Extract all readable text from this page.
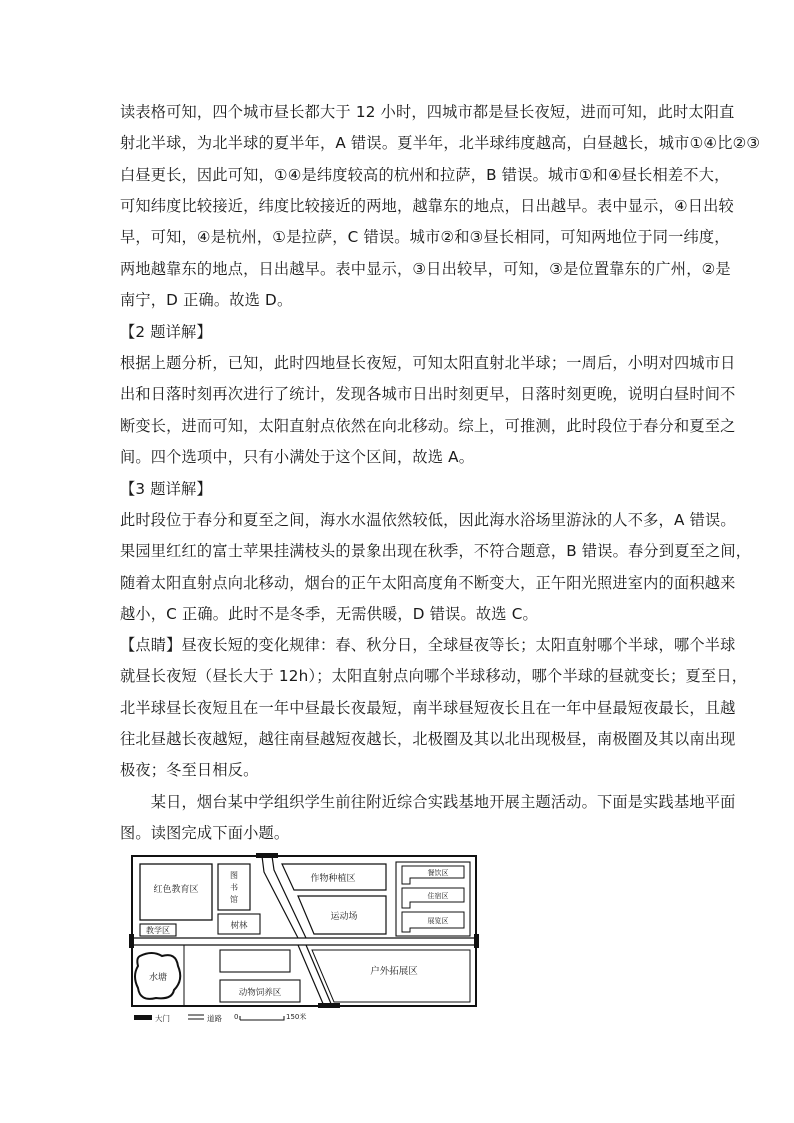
读表格可知，四个城市昼长都大于 12 小时，四城市都是昼长夜短，进而可知，此时太阳直
射北半球，为北半球的夏半年，A 错误。夏半年，北半球纬度越高，白昼越长，城市①④比②③
白昼更长，因此可知，①④是纬度较高的杭州和拉萨，B 错误。城市①和④昼长相差不大，
可知纬度比较接近，纬度比较接近的两地，越靠东的地点，日出越早。表中显示，④日出较
早，可知，④是杭州，①是拉萨，C 错误。城市②和③昼长相同，可知两地位于同一纬度，
两地越靠东的地点，日出越早。表中显示，③日出较早，可知，③是位置靠东的广州，②是
南宁，D 正确。故选 D。
【2 题详解】
根据上题分析，已知，此时四地昼长夜短，可知太阳直射北半球；一周后，小明对四城市日
出和日落时刻再次进行了统计，发现各城市日出时刻更早，日落时刻更晚，说明白昼时间不
断变长，进而可知，太阳直射点依然在向北移动。综上，可推测，此时段位于春分和夏至之
间。四个选项中，只有小满处于这个区间，故选 A。
【3 题详解】
此时段位于春分和夏至之间，海水水温依然较低，因此海水浴场里游泳的人不多，A 错误。
果园里红红的富士苹果挂满枝头的景象出现在秋季，不符合题意，B 错误。春分到夏至之间，
随着太阳直射点向北移动，烟台的正午太阳高度角不断变大，正午阳光照进室内的面积越来
越小，C 正确。此时不是冬季，无需供暖，D 错误。故选 C。
【点睛】昼夜长短的变化规律：春、秋分日，全球昼夜等长；太阳直射哪个半球，哪个半球
就昼长夜短（昼长大于 12h）；太阳直射点向哪个半球移动，哪个半球的昼就变长；夏至日，
北半球昼长夜短且在一年中昼最长夜最短，南半球昼短夜长且在一年中昼最短夜最长，且越
往北昼越长夜越短，越往南昼越短夜越长，北极圈及其以北出现极昼，南极圈及其以南出现
极夜；冬至日相反。
　　某日，烟台某中学组织学生前往附近综合实践基地开展主题活动。下面是实践基地平面
图。读图完成下面小题。
红色教育区
教学区
图
书
馆
树林
作物种植区
运动场
餐饮区
住宿区
展览区
水塘
动物饲养区
户外拓展区
大门	道路 0	150米
